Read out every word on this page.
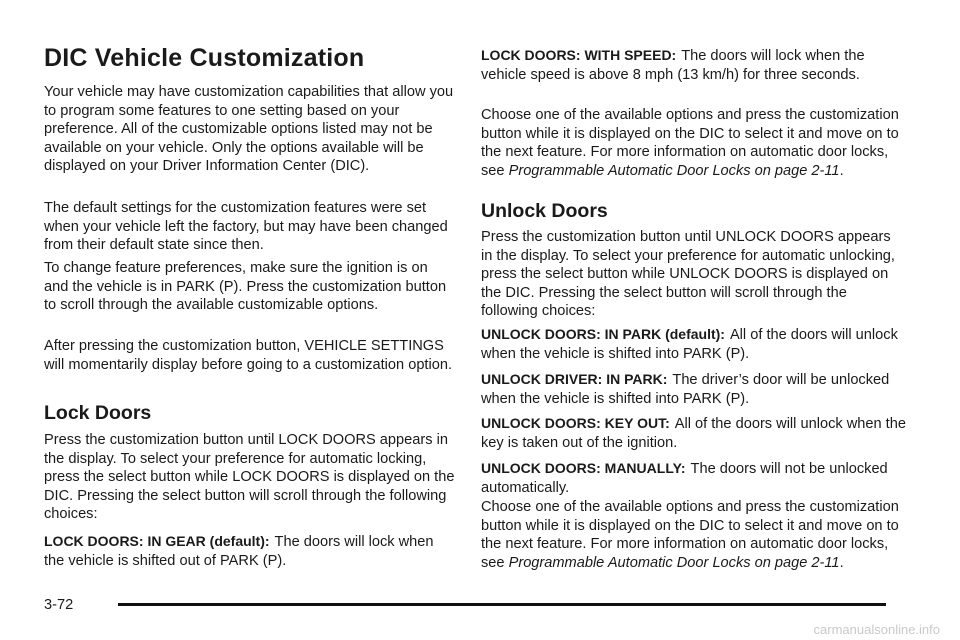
DIC Vehicle Customization

Your vehicle may have customization capabilities that allow you to program some features to one setting based on your preference. All of the customizable options listed may not be available on your vehicle. Only the options available will be displayed on your Driver Information Center (DIC).

The default settings for the customization features were set when your vehicle left the factory, but may have been changed from their default state since then.

To change feature preferences, make sure the ignition is on and the vehicle is in PARK (P). Press the customization button to scroll through the available customizable options.

After pressing the customization button, VEHICLE SETTINGS will momentarily display before going to a customization option.

Lock Doors

Press the customization button until LOCK DOORS appears in the display. To select your preference for automatic locking, press the select button while LOCK DOORS is displayed on the DIC. Pressing the select button will scroll through the following choices:

LOCK DOORS: IN GEAR (default): The doors will lock when the vehicle is shifted out of PARK (P).

LOCK DOORS: WITH SPEED: The doors will lock when the vehicle speed is above 8 mph (13 km/h) for three seconds.

Choose one of the available options and press the customization button while it is displayed on the DIC to select it and move on to the next feature. For more information on automatic door locks, see Programmable Automatic Door Locks on page 2-11.

Unlock Doors

Press the customization button until UNLOCK DOORS appears in the display. To select your preference for automatic unlocking, press the select button while UNLOCK DOORS is displayed on the DIC. Pressing the select button will scroll through the following choices:

UNLOCK DOORS: IN PARK (default): All of the doors will unlock when the vehicle is shifted into PARK (P).

UNLOCK DRIVER: IN PARK: The driver’s door will be unlocked when the vehicle is shifted into PARK (P).

UNLOCK DOORS: KEY OUT: All of the doors will unlock when the key is taken out of the ignition.

UNLOCK DOORS: MANUALLY: The doors will not be unlocked automatically.

Choose one of the available options and press the customization button while it is displayed on the DIC to select it and move on to the next feature. For more information on automatic door locks, see Programmable Automatic Door Locks on page 2-11.

3-72
carmanualsonline.info
